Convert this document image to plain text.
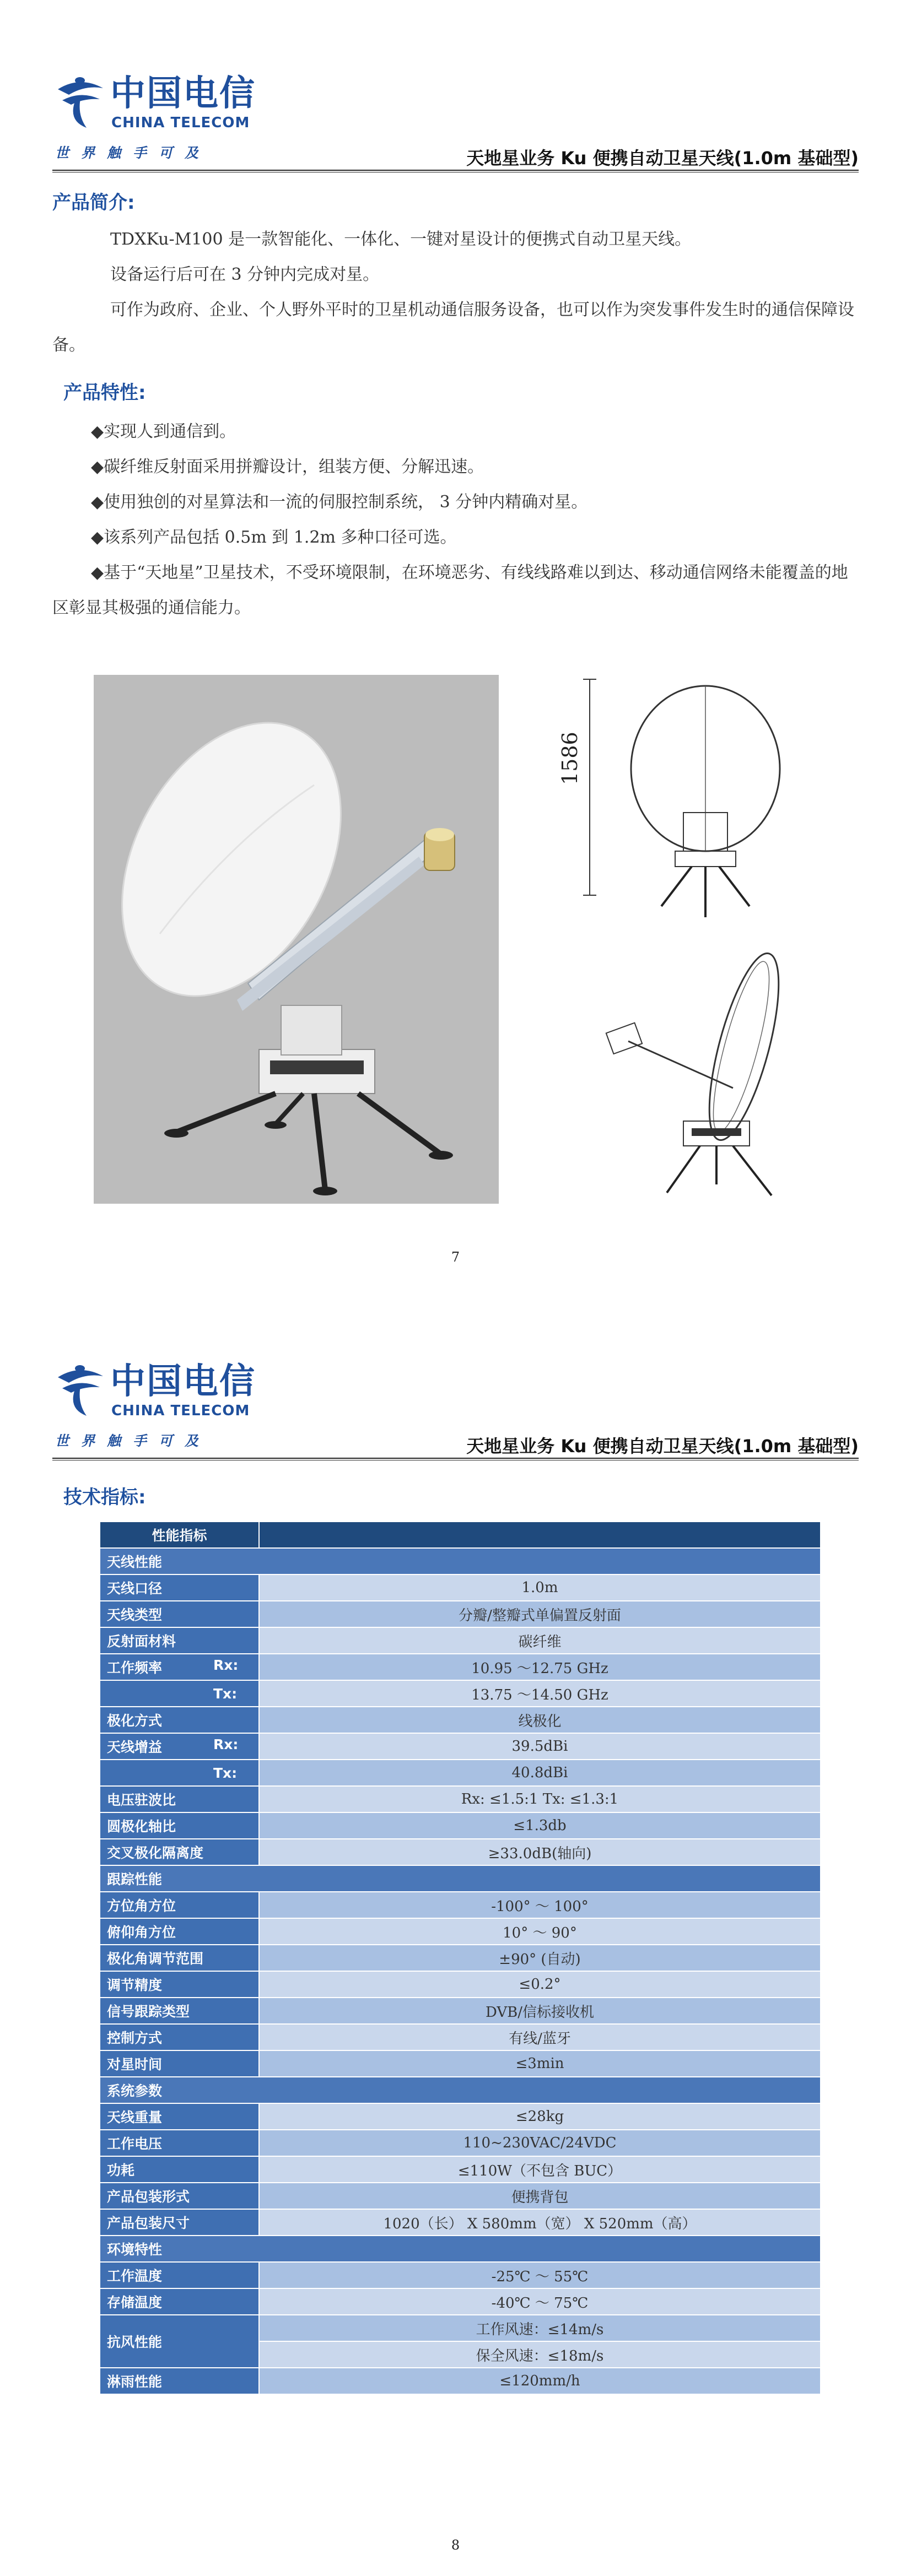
中国电信
CHINA TELECOM
世界触手可及	天地星业务 Ku 便携自动卫星天线(1.0m 基础型)
产品简介:
TDXKu-M100 是一款智能化、一体化、一键对星设计的便携式自动卫星天线。
设备运行后可在 3 分钟内完成对星。
可作为政府、企业、个人野外平时的卫星机动通信服务设备，也可以作为突发事件发生时的通信保障设备。
产品特性:
◆实现人到通信到。
◆碳纤维反射面采用拼瓣设计，组装方便、分解迅速。
◆使用独创的对星算法和一流的伺服控制系统， 3 分钟内精确对星。
◆该系列产品包括 0.5m 到 1.2m 多种口径可选。
◆基于“天地星”卫星技术，不受环境限制，在环境恶劣、有线线路难以到达、移动通信网络未能覆盖的地区彰显其极强的通信能力。
1586
7
中国电信
CHINA TELECOM
世界触手可及	天地星业务 Ku 便携自动卫星天线(1.0m 基础型)
技术指标:
性能指标	
天线性能	
天线口径	1.0m
天线类型	分瓣/整瓣式单偏置反射面
反射面材料	碳纤维
工作频率 Rx:	10.95 ～12.75 GHz

Tx:	13.75 ～14.50 GHz
极化方式	线极化
天线增益 Rx:	39.5dBi

Tx:	40.8dBi
电压驻波比	Rx: ≤1.5:1 Tx: ≤1.3:1
圆极化轴比	≤1.3db
交叉极化隔离度	≥33.0dB(轴向)
跟踪性能	
方位角方位	-100° ～ 100°
俯仰角方位	10° ～ 90°
极化角调节范围	±90° (自动)
调节精度	≤0.2°
信号跟踪类型	DVB/信标接收机
控制方式	有线/蓝牙
对星时间	≤3min
系统参数	
天线重量	≤28kg
工作电压	110~230VAC/24VDC
功耗	≤110W（不包含 BUC）
产品包装形式	便携背包
产品包装尺寸	1020（长） X 580mm（宽） X 520mm（高）
环境特性	
工作温度	-25℃ ～ 55℃
存储温度	-40℃ ～ 75℃
抗风性能	工作风速：≤14m/s
	保全风速：≤18m/s
淋雨性能	≤120mm/h
8
